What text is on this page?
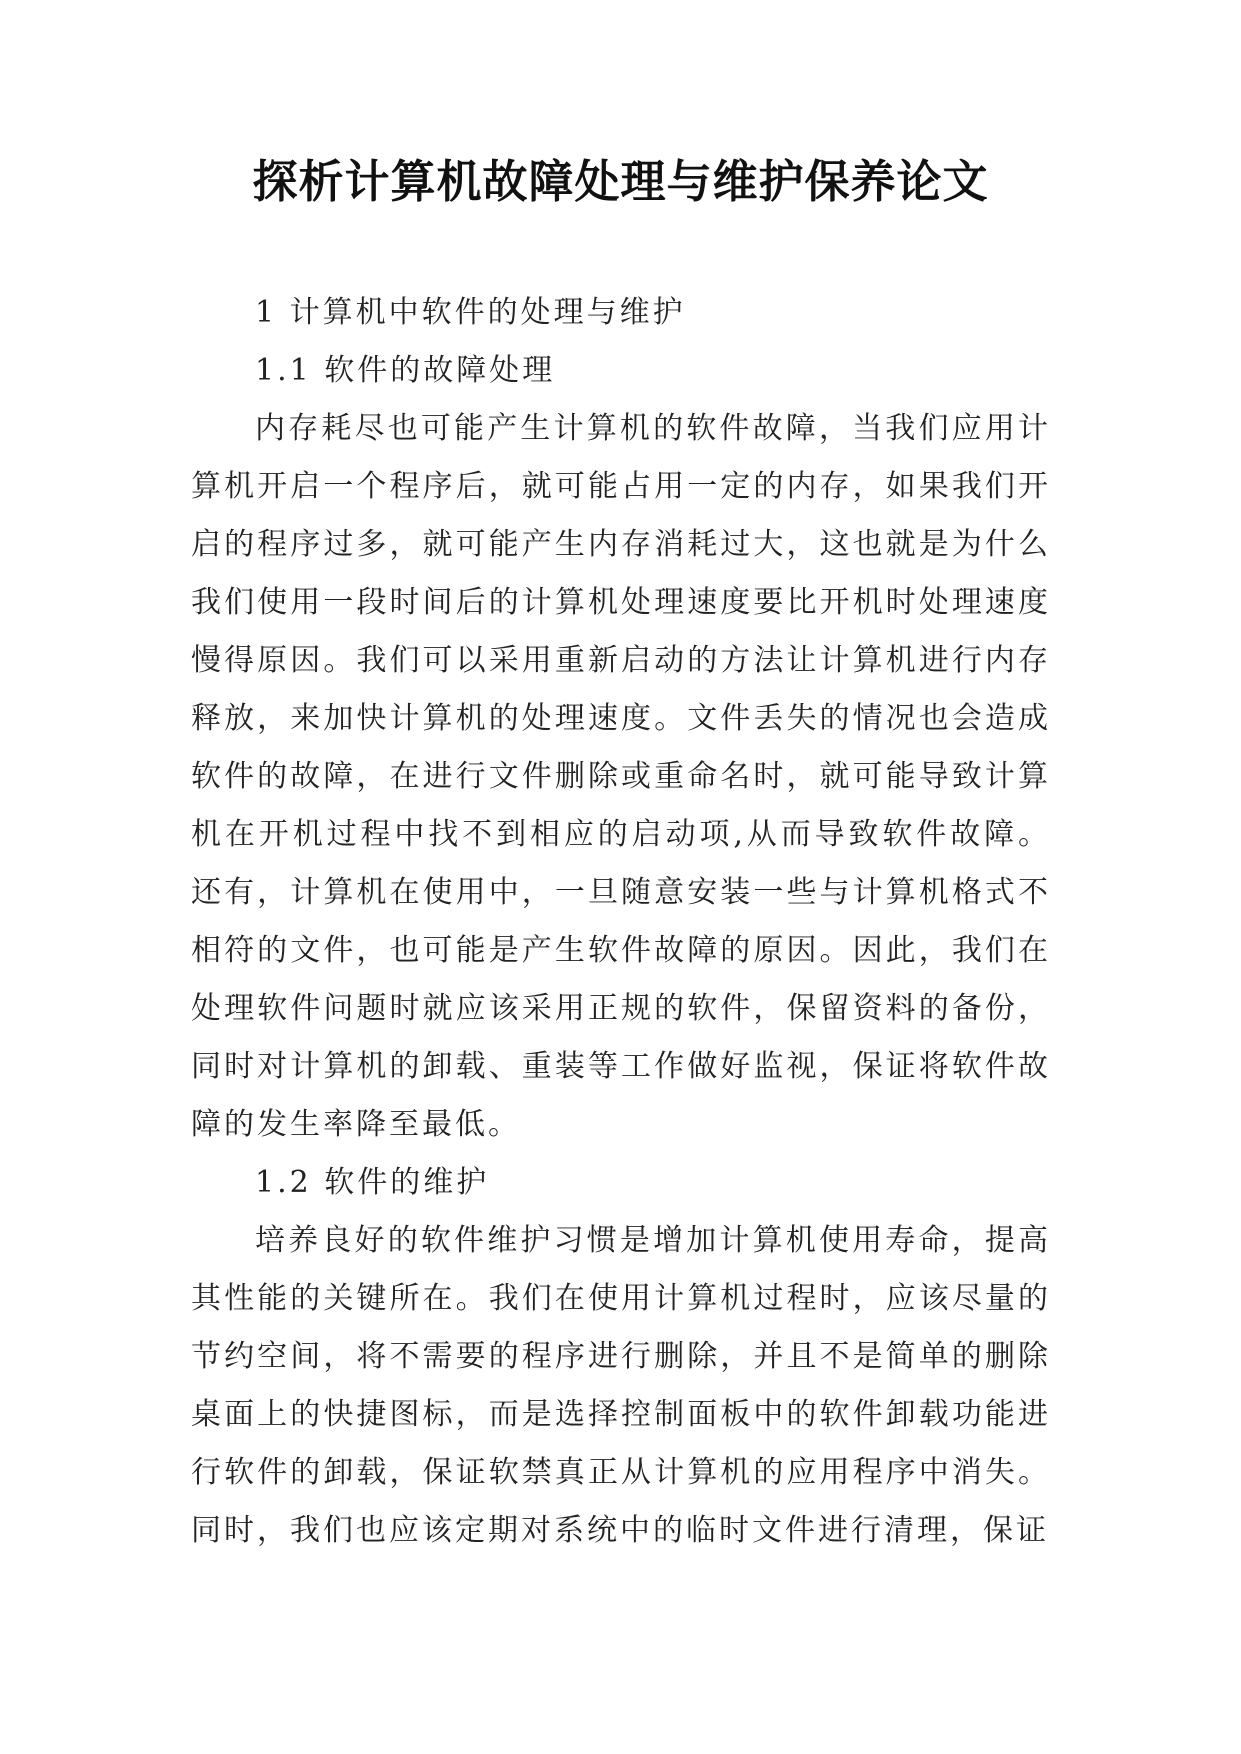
探析计算机故障处理与维护保养论文

1 计算机中软件的处理与维护

1.1 软件的故障处理

内存耗尽也可能产生计算机的软件故障，当我们应用计算机开启一个程序后，就可能占用一定的内存，如果我们开启的程序过多，就可能产生内存消耗过大，这也就是为什么我们使用一段时间后的计算机处理速度要比开机时处理速度慢得原因。我们可以采用重新启动的方法让计算机进行内存释放，来加快计算机的处理速度。文件丢失的情况也会造成软件的故障，在进行文件删除或重命名时，就可能导致计算机在开机过程中找不到相应的启动项,从而导致软件故障。还有，计算机在使用中，一旦随意安装一些与计算机格式不相符的文件，也可能是产生软件故障的原因。因此，我们在处理软件问题时就应该采用正规的软件，保留资料的备份，同时对计算机的卸载、重装等工作做好监视，保证将软件故障的发生率降至最低。

1.2 软件的维护

培养良好的软件维护习惯是增加计算机使用寿命，提高其性能的关键所在。我们在使用计算机过程时，应该尽量的节约空间，将不需要的程序进行删除，并且不是简单的删除桌面上的快捷图标，而是选择控制面板中的软件卸载功能进行软件的卸载，保证软禁真正从计算机的应用程序中消失。同时，我们也应该定期对系统中的临时文件进行清理，保证
